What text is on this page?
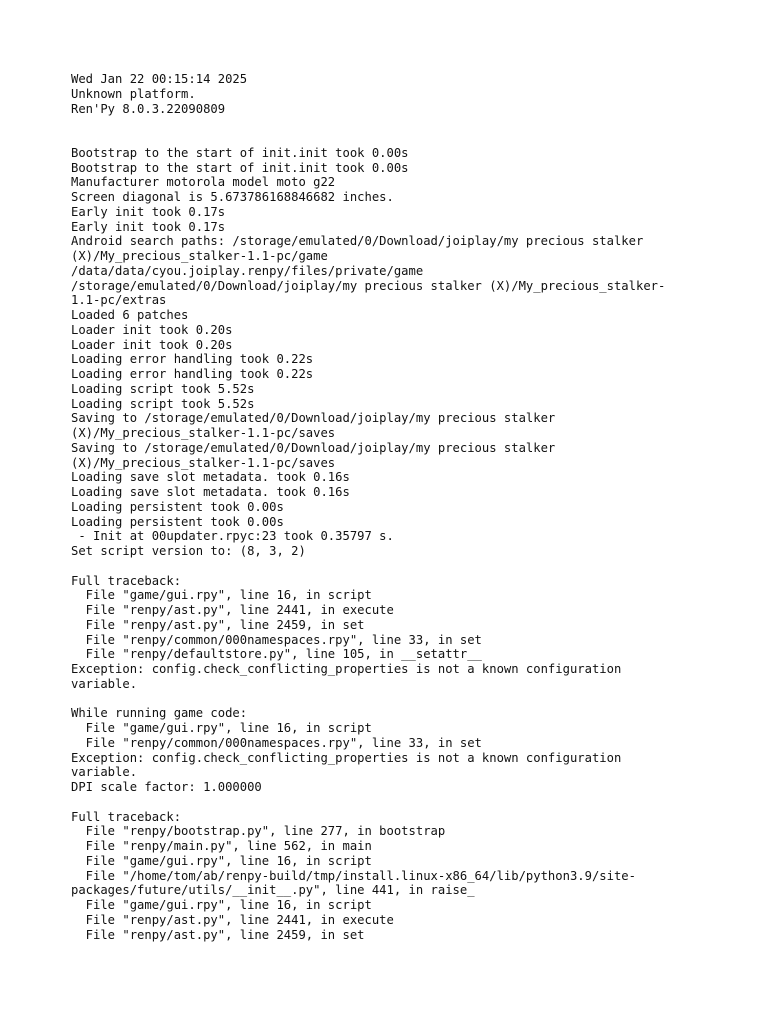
Wed Jan 22 00:15:14 2025
Unknown platform.
Ren'Py 8.0.3.22090809
Bootstrap to the start of init.init took 0.00s
Bootstrap to the start of init.init took 0.00s
Manufacturer motorola model moto g22
Screen diagonal is 5.673786168846682 inches.
Early init took 0.17s
Early init took 0.17s
Android search paths: /storage/emulated/0/Download/joiplay/my precious stalker
(X)/My_precious_stalker-1.1-pc/game
/data/data/cyou.joiplay.renpy/files/private/game
/storage/emulated/0/Download/joiplay/my precious stalker (X)/My_precious_stalker-
1.1-pc/extras
Loaded 6 patches
Loader init took 0.20s
Loader init took 0.20s
Loading error handling took 0.22s
Loading error handling took 0.22s
Loading script took 5.52s
Loading script took 5.52s
Saving to /storage/emulated/0/Download/joiplay/my precious stalker
(X)/My_precious_stalker-1.1-pc/saves
Saving to /storage/emulated/0/Download/joiplay/my precious stalker
(X)/My_precious_stalker-1.1-pc/saves
Loading save slot metadata. took 0.16s
Loading save slot metadata. took 0.16s
Loading persistent took 0.00s
Loading persistent took 0.00s
- Init at 00updater.rpyc:23 took 0.35797 s.
Set script version to: (8, 3, 2)
Full traceback:
File "game/gui.rpy", line 16, in script
File "renpy/ast.py", line 2441, in execute
File "renpy/ast.py", line 2459, in set
File "renpy/common/000namespaces.rpy", line 33, in set
File "renpy/defaultstore.py", line 105, in __setattr__
Exception: config.check_conflicting_properties is not a known configuration
variable.
While running game code:
File "game/gui.rpy", line 16, in script
File "renpy/common/000namespaces.rpy", line 33, in set
Exception: config.check_conflicting_properties is not a known configuration
variable.
DPI scale factor: 1.000000
Full traceback:
File "renpy/bootstrap.py", line 277, in bootstrap
File "renpy/main.py", line 562, in main
File "game/gui.rpy", line 16, in script
File "/home/tom/ab/renpy-build/tmp/install.linux-x86_64/lib/python3.9/site-
packages/future/utils/__init__.py", line 441, in raise_
File "game/gui.rpy", line 16, in script
File "renpy/ast.py", line 2441, in execute
File "renpy/ast.py", line 2459, in set
